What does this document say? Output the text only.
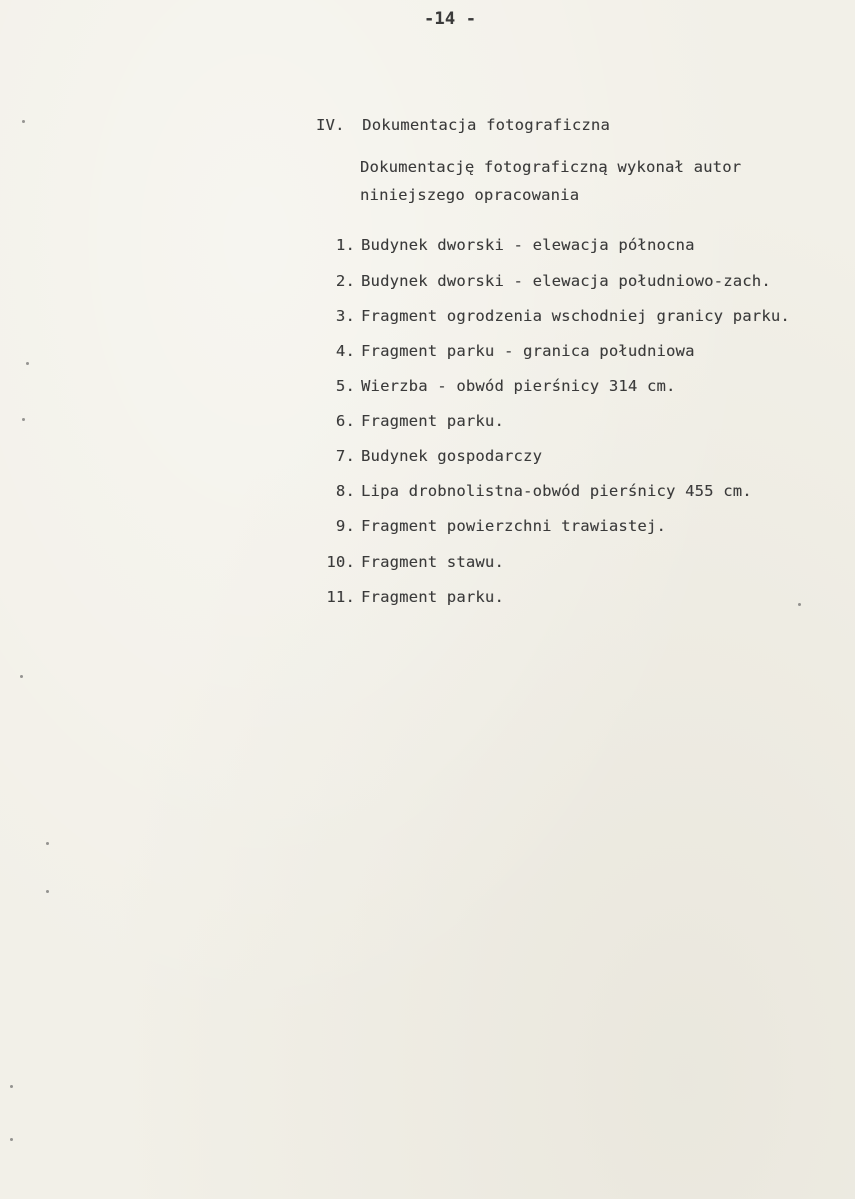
-14 -
IV. Dokumentacja fotograficzna
Dokumentację fotograficzną wykonał autor
niniejszego opracowania
1. Budynek dworski - elewacja północna
2. Budynek dworski - elewacja południowo-zach.
3. Fragment ogrodzenia wschodniej granicy parku.
4. Fragment parku - granica południowa
5. Wierzba - obwód pierśnicy 314 cm.
6. Fragment parku.
7. Budynek gospodarczy
8. Lipa drobnolistna-obwód pierśnicy 455 cm.
9. Fragment powierzchni trawiastej.
10. Fragment stawu.
11. Fragment parku.
